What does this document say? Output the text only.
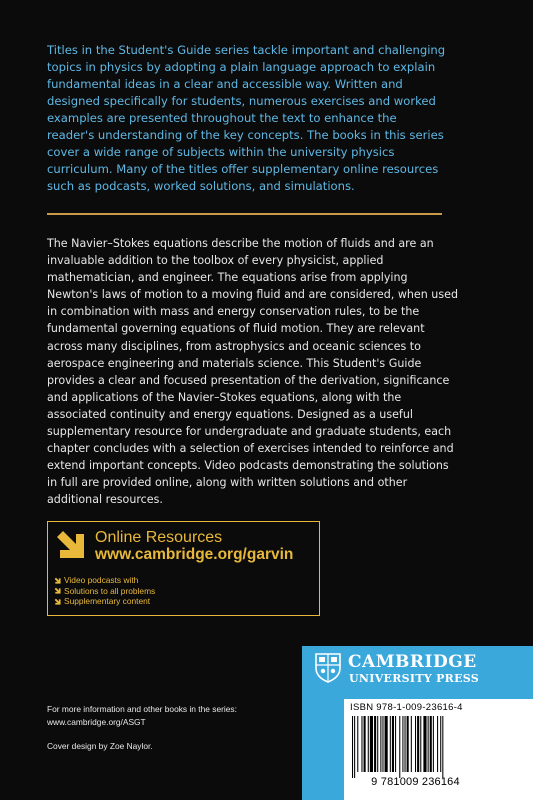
Titles in the Student's Guide series tackle important and challenging topics in physics by adopting a plain language approach to explain fundamental ideas in a clear and accessible way. Written and designed specifically for students, numerous exercises and worked examples are presented throughout the text to enhance the reader's understanding of the key concepts. The books in this series cover a wide range of subjects within the university physics curriculum. Many of the titles offer supplementary online resources such as podcasts, worked solutions, and simulations.

The Navier–Stokes equations describe the motion of fluids and are an invaluable addition to the toolbox of every physicist, applied mathematician, and engineer. The equations arise from applying Newton's laws of motion to a moving fluid and are considered, when used in combination with mass and energy conservation rules, to be the fundamental governing equations of fluid motion. They are relevant across many disciplines, from astrophysics and oceanic sciences to aerospace engineering and materials science. This Student's Guide provides a clear and focused presentation of the derivation, significance and applications of the Navier–Stokes equations, along with the associated continuity and energy equations. Designed as a useful supplementary resource for undergraduate and graduate students, each chapter concludes with a selection of exercises intended to reinforce and extend important concepts. Video podcasts demonstrating the solutions in full are provided online, along with written solutions and other additional resources.

Online Resources
www.cambridge.org/garvin
Video podcasts with
Solutions to all problems
Supplementary content

For more information and other books in the series: www.cambridge.org/ASGT

Cover design by Zoe Naylor.

CAMBRIDGE
UNIVERSITY PRESS

ISBN 978-1-009-23616-4

9 781009 236164
